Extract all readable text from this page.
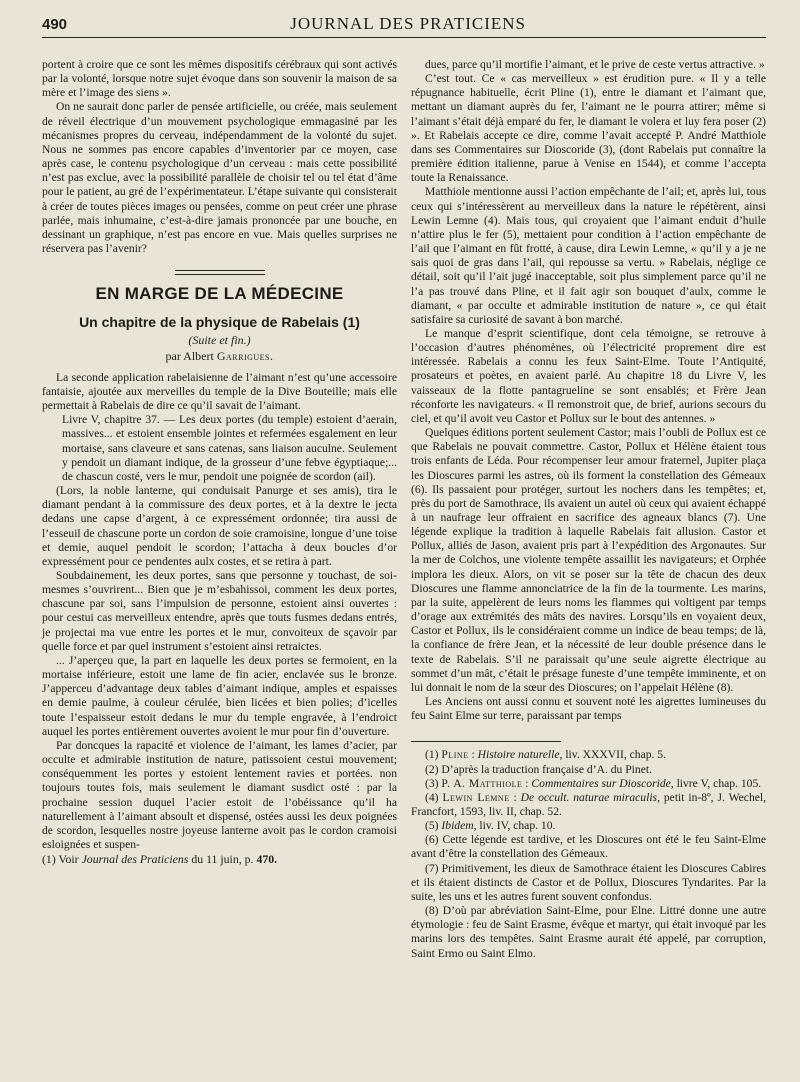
490	JOURNAL DES PRATICIENS

portent à croire que ce sont les mêmes dispositifs cérébraux qui sont activés par la volonté, lorsque notre sujet évoque dans son souvenir la maison de sa mère et l’image des siens ».

On ne saurait donc parler de pensée artificielle, ou créée, mais seulement de réveil électrique d’un mouvement psychologique emmagasiné par les mécanismes propres du cerveau, indépendamment de la volonté du sujet. Nous ne sommes pas encore capables d’inventorier par ce moyen, case après case, le contenu psychologique d’un cerveau : mais cette possibilité n’est pas exclue, avec la possibilité parallèle de choisir tel ou tel état d’âme pour le patient, au gré de l’expérimentateur. L’étape suivante qui consisterait à créer de toutes pièces images ou pensées, comme on peut créer une phrase parlée, mais inhumaine, c’est-à-dire jamais prononcée par une bouche, en dessinant un graphique, n’est pas encore en vue. Mais quelles surprises ne réservera pas l’avenir?

EN MARGE DE LA MÉDECINE
Un chapitre de la physique de Rabelais (1)
(Suite et fin.)
par Albert Garrigues.

La seconde application rabelaisienne de l’aimant n’est qu’une accessoire fantaisie, ajoutée aux merveilles du temple de la Dive Bouteille; mais elle permettait à Rabelais de dire ce qu’il savait de l’aimant.

Livre V, chapitre 37. — Les deux portes (du temple) estoient d’aerain, massives... et estoient ensemble jointes et refermées esgalement en leur mortaise, sans claveure et sans catenas, sans liaison auculne. Seulement y pendoit un diamant indique, de la grosseur d’une febve égyptiaque;... de chascun costé, vers le mur, pendoit une poignée de scordon (ail).

(Lors, la noble lanterne, qui conduisait Panurge et ses amis), tira le diamant pendant à la commissure des deux portes, et à la dextre le jecta dedans une capse d’argent, à ce expressément ordonnée; tira aussi de l’esseuil de chascune porte un cordon de soie cramoisine, longue d’une toise et demie, auquel pendoit le scordon; l’attacha à deux boucles d’or expressément pour ce pendentes aulx costes, et se retira à part.

Soubdainement, les deux portes, sans que personne y touchast, de soi-mesmes s’ouvrirent... Bien que je m’esbahissoi, comment les deux portes, chascune par soi, sans l’impulsion de personne, estoient ainsi ouvertes : pour cestui cas merveilleux entendre, après que touts fusmes dedans entrés, je projectai ma vue entre les portes et le mur, convoiteux de sçavoir par quelle force et par quel instrument s’estoient ainsi retraictes.

... J’aperçeu que, la part en laquelle les deux portes se fermoient, en la mortaise inférieure, estoit une lame de fin acier, enclavée sus le bronze. J’apperceu d’advantage deux tables d’aimant indique, amples et espaisses en demie paulme, à couleur cérulée, bien licées et bien polies; d’icelles toute l’espaisseur estoit dedans le mur du temple engravée, à l’endroict auquel les portes entièrement ouvertes avoient le mur pour fin d’ouverture.

Par doncques la rapacité et violence de l’aimant, les lames d’acier, par occulte et admirable institution de nature, patissoient cestui mouvement; conséquemment les portes y estoient lentement ravies et portées. non toujours toutes fois, mais seulement le diamant susdict osté : par la prochaine session duquel l’acier estoit de l’obéissance qu’il ha naturellement à l’aimant absoult et dispensé, ostées aussi les deux poignées de scordon, lesquelles nostre joyeuse lanterne avoit pas le cordon cramoisi esloignées et suspen-

(1) Voir Journal des Praticiens du 11 juin, p. 470.

dues, parce qu’il mortifie l’aimant, et le prive de ceste vertus attractive. »

C’est tout. Ce « cas merveilleux » est érudition pure. « Il y a telle répugnance habituelle, écrit Pline (1), entre le diamant et l’aimant que, mettant un diamant auprès du fer, l’aimant ne le pourra attirer; même si l’aimant s’était déjà emparé du fer, le diamant le volera et luy fera poser (2) ». Et Rabelais accepte ce dire, comme l’avait accepté P. André Matthiole dans ses Commentaires sur Dioscoride (3), (dont Rabelais put connaître la première édition italienne, parue à Venise en 1544), et comme l’accepta toute la Renaissance.

Matthiole mentionne aussi l’action empêchante de l’ail; et, après lui, tous ceux qui s’intéressèrent au merveilleux dans la nature le répétèrent, ainsi Lewin Lemne (4). Mais tous, qui croyaient que l’aimant enduit d’huile n’attire plus le fer (5), mettaient pour condition à l’action empêchante de l’ail que l’aimant en fût frotté, à cause, dira Lewin Lemne, « qu’il y a je ne sais quoi de gras dans l’ail, qui repousse sa vertu. » Rabelais, néglige ce détail, soit qu’il l’ait jugé inacceptable, soit plus simplement parce qu’il ne l’a pas trouvé dans Pline, et il fait agir son bouquet d’aulx, comme le diamant, « par occulte et admirable institution de nature », ce qui était satisfaire sa curiosité de savant à bon marché.

Le manque d’esprit scientifique, dont cela témoigne, se retrouve à l’occasion d’autres phénomènes, où l’électricité proprement dire est intéressée. Rabelais a connu les feux Saint-Elme. Toute l’Antiquité, prosateurs et poètes, en avaient parlé. Au chapitre 18 du Livre V, les vaisseaux de la flotte pantagrueline se sont ensablés; et Frère Jean réconforte les navigateurs. « Il remonstroit que, de brief, aurions secours du ciel, et qu’il avoit veu Castor et Pollux sur le bout des antennes. »

Quelques éditions portent seulement Castor; mais l’oubli de Pollux est ce que Rabelais ne pouvait commettre. Castor, Pollux et Hélène étaient tous trois enfants de Léda. Pour récompenser leur amour fraternel, Jupiter plaça les Dioscures parmi les astres, où ils forment la constellation des Gémeaux (6). Ils passaient pour protéger, surtout les nochers dans les tempêtes; et, près du port de Samothrace, ils avaient un autel où ceux qui avaient échappé à un naufrage leur offraient en sacrifice des agneaux blancs (7). Une légende explique la tradition à laquelle Rabelais fait allusion. Castor et Pollux, alliés de Jason, avaient pris part à l’expédition des Argonautes. Sur la mer de Colchos, une violente tempête assaillit les navigateurs; et Orphée implora les dieux. Alors, on vit se poser sur la tête de chacun des deux Dioscures une flamme annonciatrice de la fin de la tourmente. Les marins, par la suite, appelèrent de leurs noms les flammes qui voltigent par temps d’orage aux extrémités des mâts des navires. Lorsqu’ils en voyaient deux, Castor et Pollux, ils le considéraient comme un indice de beau temps; de là, la confiance de frère Jean, et la nécessité de leur double présence dans le texte de Rabelais. S’il ne paraissait qu’une seule aigrette électrique au sommet d’un mât, c’était le présage funeste d’une tempête imminente, et on lui donnait le nom de la sœur des Dioscures; on l’appelait Hélène (8).

Les Anciens ont aussi connu et souvent noté les aigrettes lumineuses du feu Saint Elme sur terre, paraissant par temps

(1) Pline : Histoire naturelle, liv. XXXVII, chap. 5.

(2) D’après la traduction française d’A. du Pinet.

(3) P. A. Matthiole : Commentaires sur Dioscoride, livre V, chap. 105.

(4) Lewin Lemne : De occult. naturae miraculis, petit in-8º, J. Wechel, Francfort, 1593, liv. II, chap. 52.

(5) Ibidem, liv. IV, chap. 10.

(6) Cette légende est tardive, et les Dioscures ont été le feu Saint-Elme avant d’être la constellation des Gémeaux.

(7) Primitivement, les dieux de Samothrace étaient les Dioscures Cabires et ils étaient distincts de Castor et de Pollux, Dioscures Tyndarites. Par la suite, les uns et les autres furent souvent confondus.

(8) D’où par abréviation Saint-Elme, pour Elne. Littré donne une autre étymologie : feu de Saint Erasme, évêque et martyr, qui était invoqué par les marins lors des tempêtes. Saint Erasme aurait été appelé, par corruption, Saint Ermo ou Saint Elmo.
